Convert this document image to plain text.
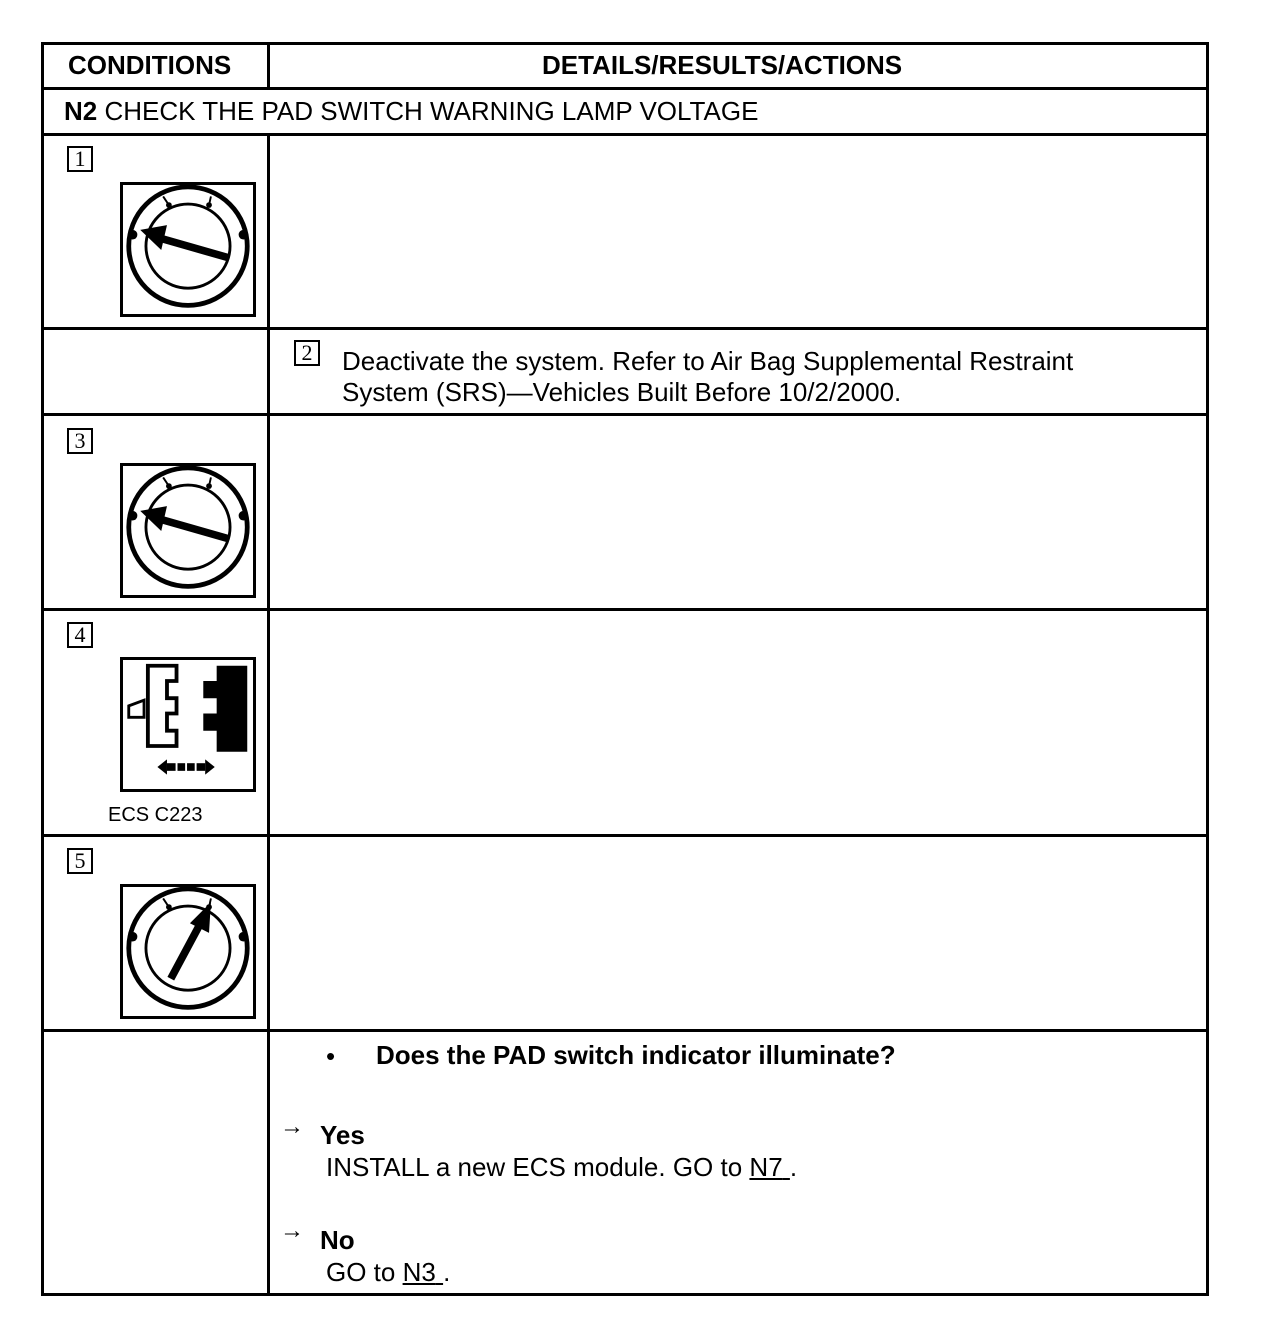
CONDITIONS	DETAILS/RESULTS/ACTIONS
N2 CHECK THE PAD SWITCH WARNING LAMP VOLTAGE
1
2 Deactivate the system. Refer to Air Bag Supplemental Restraint
System (SRS)—Vehicles Built Before 10/2/2000.
3
4
ECS C223
5
• Does the PAD switch indicator illuminate?
→ Yes
INSTALL a new ECS module. GO to N7 .
→ No
GO to N3 .
